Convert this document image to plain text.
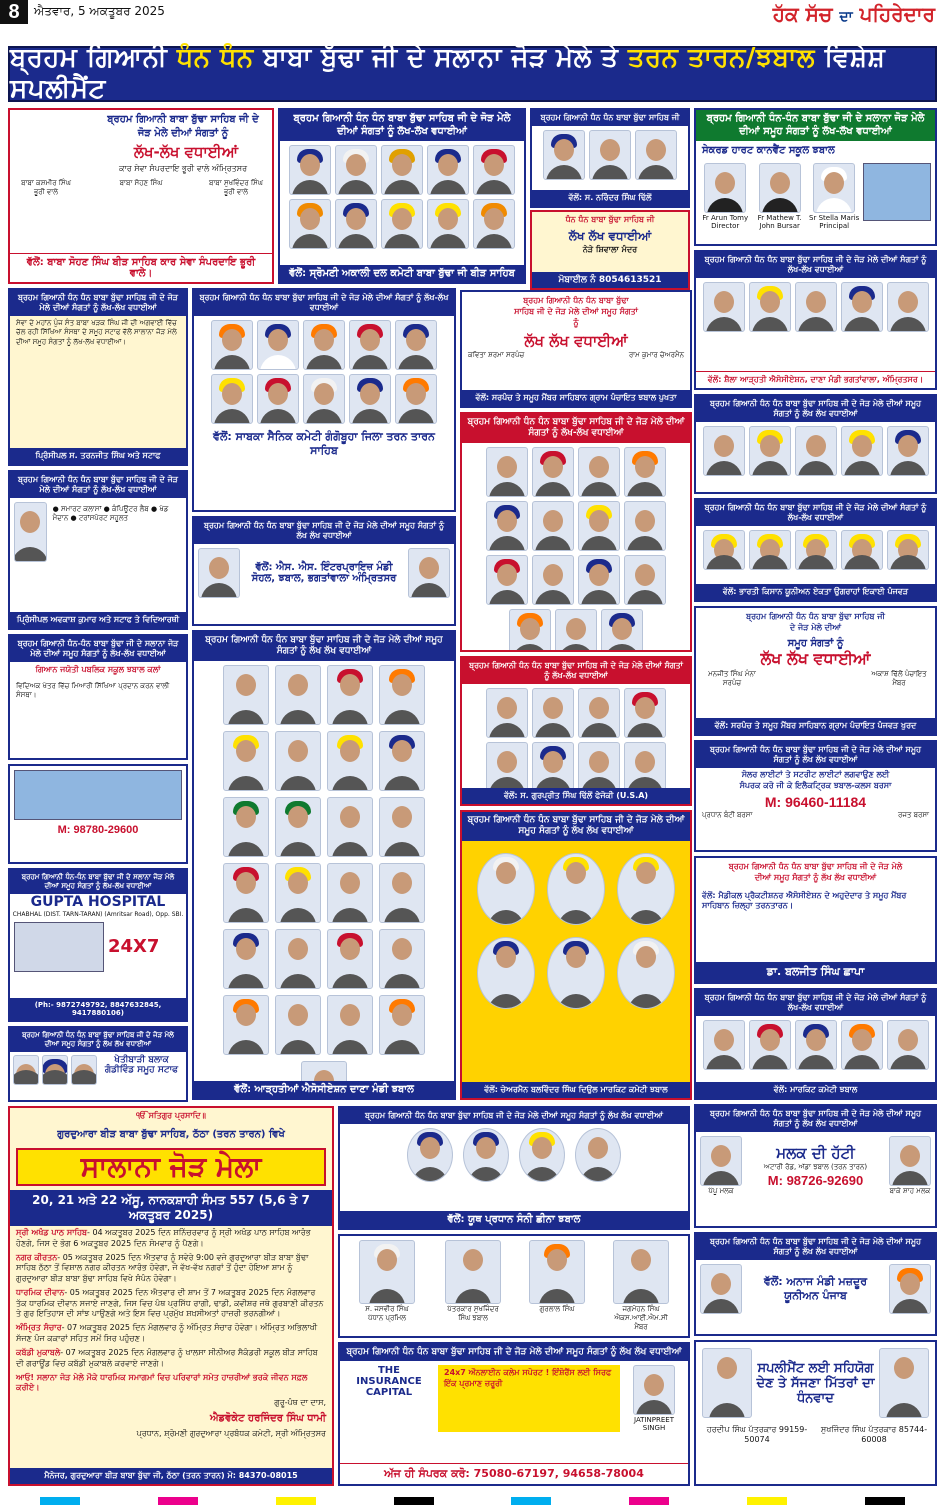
8	ਐਤਵਾਰ, 5 ਅਕਤੂਬਰ 2025	ਹੱਕ ਸੱਚ ਦਾ ਪਹਿਰੇਦਾਰ
ਬ੍ਰਹਮ ਗਿਆਨੀ ਧੰਨ ਧੰਨ ਬਾਬਾ ਬੁੱਢਾ ਜੀ ਦੇ ਸਲਾਨਾ ਜੋੜ ਮੇਲੇ ਤੇ ਤਰਨ ਤਾਰਨ/ਝਬਾਲ ਵਿਸ਼ੇਸ਼ ਸਪਲੀਮੈਂਟ
ਬ੍ਰਹਮ ਗਿਆਨੀ ਬਾਬਾ ਬੁੱਢਾ ਸਾਹਿਬ ਜੀ ਦੇ ਜੋੜ ਮੇਲੇ ਦੀਆਂ ਸੰਗਤਾਂ ਨੂੰ
ਲੱਖ-ਲੱਖ ਵਧਾਈਆਂ
ਕਾਰ ਸੇਵਾ ਸੰਪਰਦਾਇ ਭੂਰੀ ਵਾਲੇ ਅੰਮ੍ਰਿਤਸਰ
ਬਾਬਾ ਕਸ਼ਮੀਰ ਸਿੰਘ ਭੂਰੀ ਵਾਲੇ
ਬਾਬਾ ਸੋਹਣ ਸਿੰਘ	ਬਾਬਾ ਸੁਖਵਿੰਦਰ ਸਿੰਘ ਭੂਰੀ ਵਾਲੇ
ਵੱਲੋਂ: ਬਾਬਾ ਸੋਹਣ ਸਿੰਘ ਬੀੜ ਸਾਹਿਬ ਕਾਰ ਸੇਵਾ ਸੰਪਰਦਾਇ ਭੂਰੀ ਵਾਲੇ।
ਬ੍ਰਹਮ ਗਿਆਨੀ ਧੰਨ ਧੰਨ ਬਾਬਾ ਬੁੱਢਾ ਸਾਹਿਬ ਜੀ ਦੇ ਜੋੜ ਮੇਲੇ ਦੀਆਂ ਸੰਗਤਾਂ ਨੂੰ ਲੱਖ-ਲੱਖ ਵਧਾਈਆਂ
ਵੱਲੋਂ: ਸ੍ਰੋਮਣੀ ਅਕਾਲੀ ਦਲ ਕਮੇਟੀ ਬਾਬਾ ਬੁੱਢਾ ਜੀ ਬੀੜ ਸਾਹਿਬ
ਬ੍ਰਹਮ ਗਿਆਨੀ ਧੰਨ ਧੰਨ ਬਾਬਾ ਬੁੱਢਾ ਸਾਹਿਬ ਜੀ
ਵੱਲੋਂ: ਸ. ਨਰਿੰਦਰ ਸਿੰਘ ਢਿੱਲੋਂ
ਧੰਨ ਧੰਨ ਬਾਬਾ ਬੁੱਢਾ ਸਾਹਿਬ ਜੀ
ਲੱਖ ਲੱਖ ਵਧਾਈਆਂ
ਨੇੜੇ ਸ਼ਿਵਾਲਾ ਮੰਦਰ
ਮੋਬਾਈਲ ਨੰ 8054613521
ਬ੍ਰਹਮ ਗਿਆਨੀ ਧੰਨ-ਧੰਨ ਬਾਬਾ ਬੁੱਢਾ ਜੀ ਦੇ ਸਲਾਨਾ ਜੋੜ ਮੇਲੇ ਦੀਆਂ ਸਮੂਹ ਸੰਗਤਾਂ ਨੂੰ ਲੱਖ-ਲੱਖ ਵਧਾਈਆਂ
ਸੇਕਰਡ ਹਾਰਟ ਕਾਨਵੈਂਟ ਸਕੂਲ ਝਬਾਲ
Fr Arun Tomy Director
Fr Mathew T. John Bursar
Sr Stella Maris Principal
ਬ੍ਰਹਮ ਗਿਆਨੀ ਧੰਨ ਧੰਨ ਬਾਬਾ ਬੁੱਢਾ ਸਾਹਿਬ ਜੀ ਦੇ ਜੋੜ ਮੇਲੇ ਦੀਆਂ ਸੰਗਤਾਂ ਨੂੰ ਲੱਖ-ਲੱਖ ਵਧਾਈਆਂ
ਸੇਵਾ ਦੇ ਮਹਾਂਨ ਪੁੰਜ ਸੰਤ ਬਾਬਾ ਖੜਕ ਸਿੰਘ ਜੀ ਦੀ ਅਗਵਾਈ ਵਿੱਚ ਚੱਲ ਰਹੀ ਸਿੱਖਿਆ ਸੰਸਥਾ ਦੇ ਸਮੂਹ ਸਟਾਫ ਵੱਲੋਂ ਸਾਲਾਨਾ ਜੋੜ ਮੇਲੇ ਦੀਆਂ ਸਮੂਹ ਸੰਗਤਾਂ ਨੂੰ ਲੱਖ-ਲੱਖ ਵਧਾਈਆਂ।
ਪ੍ਰਿੰਸੀਪਲ ਸ. ਤਰਨਜੀਤ ਸਿੰਘ ਅਤੇ ਸਟਾਫ
ਬ੍ਰਹਮ ਗਿਆਨੀ ਧੰਨ ਧੰਨ ਬਾਬਾ ਬੁੱਢਾ ਸਾਹਿਬ ਜੀ ਦੇ ਜੋੜ ਮੇਲੇ ਦੀਆਂ ਸੰਗਤਾਂ ਨੂੰ ਲੱਖ-ਲੱਖ ਵਧਾਈਆਂ
ਵੱਲੋਂ: ਸਾਬਕਾ ਸੈਨਿਕ ਕਮੇਟੀ ਗੰਗੋਬੂਹਾ ਜਿਲਾ ਤਰਨ ਤਾਰਨ ਸਾਹਿਬ
ਬ੍ਰਹਮ ਗਿਆਨੀ ਧੰਨ ਧੰਨ ਬਾਬਾ ਬੁੱਢਾ ਸਾਹਿਬ ਜੀ ਦੇ ਜੋੜ ਮੇਲੇ ਦੀਆਂ ਸਮੂਹ ਸੰਗਤਾਂ ਨੂੰ
ਲੱਖ ਲੱਖ ਵਧਾਈਆਂ
ਕਵਿਤਾ ਸ਼ਰਮਾ ਸਰਪੰਚ	ਰਾਮ ਕੁਮਾਰ ਚੇਅਰਮੈਨ
ਵੱਲੋਂ: ਸਰਪੰਚ ਤੇ ਸਮੂਹ ਮੈਂਬਰ ਸਾਹਿਬਾਨ ਗ੍ਰਾਮ ਪੰਚਾਇਤ ਝਬਾਲ ਪੁਖਤਾ
ਬ੍ਰਹਮ ਗਿਆਨੀ ਧੰਨ ਧੰਨ ਬਾਬਾ ਬੁੱਢਾ ਸਾਹਿਬ ਜੀ ਦੇ ਜੋੜ ਮੇਲੇ ਦੀਆਂ ਸੰਗਤਾਂ ਨੂੰ ਲੱਖ-ਲੱਖ ਵਧਾਈਆਂ
ਵੱਲੋਂ: ਸ਼ੈਲਾ ਆੜ੍ਹਤੀ ਐਸੋਸੀਏਸ਼ਨ, ਦਾਣਾ ਮੰਡੀ ਭਗਤਾਂਵਾਲਾ, ਅੰਮ੍ਰਿਤਸਰ।
ਬ੍ਰਹਮ ਗਿਆਨੀ ਧੰਨ ਧੰਨ ਬਾਬਾ ਬੁੱਢਾ ਸਾਹਿਬ ਜੀ ਦੇ ਜੋੜ ਮੇਲੇ ਦੀਆਂ ਸਮੂਹ ਸੰਗਤਾਂ ਨੂੰ ਲੱਖ ਲੱਖ ਵਧਾਈਆਂ
ਬ੍ਰਹਮ ਗਿਆਨੀ ਧੰਨ ਧੰਨ ਬਾਬਾ ਬੁੱਢਾ ਸਾਹਿਬ ਜੀ ਦੇ ਜੋੜ ਮੇਲੇ ਦੀਆਂ ਸੰਗਤਾਂ ਨੂੰ ਲੱਖ-ਲੱਖ ਵਧਾਈਆਂ
● ਸਮਾਰਟ ਕਲਾਸਾਂ ● ਕੰਪਿਊਟਰ ਲੈਬ ● ਖੇਡ ਮੈਦਾਨ ● ਟਰਾਂਸਪੋਰਟ ਸਹੂਲਤ
ਪ੍ਰਿੰਸੀਪਲ ਅਵਕਾਸ਼ ਕੁਮਾਰ ਅਤੇ ਸਟਾਫ ਤੇ ਵਿਦਿਆਰਥੀ
ਬ੍ਰਹਮ ਗਿਆਨੀ ਧੰਨ ਧੰਨ ਬਾਬਾ ਬੁੱਢਾ ਸਾਹਿਬ ਜੀ ਦੇ ਜੋੜ ਮੇਲੇ ਦੀਆਂ ਸਮੂਹ ਸੰਗਤਾਂ ਨੂੰ ਲੱਖ ਲੱਖ ਵਧਾਈਆਂ
ਵੱਲੋਂ: ਐਸ. ਐਸ. ਇੰਟਰਪ੍ਰਾਇਜ਼ ਮੰਡੀ ਸੋਹਲ, ਝਬਾਲ, ਭਗਤਾਂਵਾਲਾ ਅੰਮ੍ਰਿਤਸਰ
ਬ੍ਰਹਮ ਗਿਆਨੀ ਧੰਨ ਧੰਨ ਬਾਬਾ ਬੁੱਢਾ ਸਾਹਿਬ ਜੀ ਦੇ ਜੋੜ ਮੇਲੇ ਦੀਆਂ ਸੰਗਤਾਂ ਨੂੰ ਲੱਖ-ਲੱਖ ਵਧਾਈਆਂ
ਬ੍ਰਹਮ ਗਿਆਨੀ ਧੰਨ ਧੰਨ ਬਾਬਾ ਬੁੱਢਾ ਸਾਹਿਬ ਜੀ ਦੇ ਜੋੜ ਮੇਲੇ ਦੀਆਂ ਸੰਗਤਾਂ ਨੂੰ ਲੱਖ-ਲੱਖ ਵਧਾਈਆਂ
ਵੱਲੋਂ: ਭਾਰਤੀ ਕਿਸਾਨ ਯੂਨੀਅਨ ਏਕਤਾ ਉਗਰਾਹਾਂ ਇਕਾਈ ਪੰਜਵੜ
ਬ੍ਰਹਮ ਗਿਆਨੀ ਧੰਨ ਧੰਨ ਬਾਬਾ ਬੁੱਢਾ ਸਾਹਿਬ ਜੀ ਦੇ ਜੋੜ ਮੇਲੇ ਦੀਆਂ
ਸਮੂਹ ਸੰਗਤਾਂ ਨੂੰ
ਲੱਖ ਲੱਖ ਵਧਾਈਆਂ
ਮਨਜੀਤ ਸਿੰਘ ਮੰਨਾ ਸਰਪੰਚ
ਅਕਾਸ਼ ਢਿੱਲੋਂ ਪੰਚਾਇਤ ਮੈਂਬਰ
ਵੱਲੋਂ: ਸਰਪੰਚ ਤੇ ਸਮੂਹ ਮੈਂਬਰ ਸਾਹਿਬਾਨ ਗ੍ਰਾਮ ਪੰਚਾਇਤ ਪੰਜਵੜ ਖੁਰਦ
ਬ੍ਰਹਮ ਗਿਆਨੀ ਧੰਨ-ਧੰਨ ਬਾਬਾ ਬੁੱਢਾ ਜੀ ਦੇ ਸਲਾਨਾ ਜੋੜ ਮੇਲੇ ਦੀਆਂ ਸਮੂਹ ਸੰਗਤਾਂ ਨੂੰ ਲੱਖ-ਲੱਖ ਵਧਾਈਆਂ
ਗਿਆਨ ਜਯੋਤੀ ਪਬਲਿਕ ਸਕੂਲ ਝਬਾਲ ਕਲਾਂ
ਵਿਦਿਅਕ ਖੇਤਰ ਵਿੱਚ ਮਿਆਰੀ ਸਿੱਖਿਆ ਪ੍ਰਦਾਨ ਕਰਨ ਵਾਲੀ ਸੰਸਥਾ।
M: 98780-29600
ਬ੍ਰਹਮ ਗਿਆਨੀ ਧੰਨ ਧੰਨ ਬਾਬਾ ਬੁੱਢਾ ਸਾਹਿਬ ਜੀ ਦੇ ਜੋੜ ਮੇਲੇ ਦੀਆਂ ਸਮੂਹ ਸੰਗਤਾਂ ਨੂੰ ਲੱਖ ਲੱਖ ਵਧਾਈਆਂ
ਵੱਲੋਂ: ਆੜ੍ਹਤੀਆਂ ਐਸੋਸੀਏਸ਼ਨ ਦਾਣਾ ਮੰਡੀ ਝਬਾਲ
ਬ੍ਰਹਮ ਗਿਆਨੀ ਧੰਨ ਧੰਨ ਬਾਬਾ ਬੁੱਢਾ ਸਾਹਿਬ ਜੀ ਦੇ ਜੋੜ ਮੇਲੇ ਦੀਆਂ ਸੰਗਤਾਂ ਨੂੰ ਲੱਖ-ਲੱਖ ਵਧਾਈਆਂ
ਵੱਲੋਂ: ਸ. ਗੁਰਪ੍ਰੀਤ ਸਿੰਘ ਢਿੱਲੋਂ ਫੇਜੋਕੀ (U.S.A)
ਬ੍ਰਹਮ ਗਿਆਨੀ ਧੰਨ ਧੰਨ ਬਾਬਾ ਬੁੱਢਾ ਸਾਹਿਬ ਜੀ ਦੇ ਜੋੜ ਮੇਲੇ ਦੀਆਂ ਸਮੂਹ ਸੰਗਤਾਂ ਨੂੰ ਲੱਖ ਲੱਖ ਵਧਾਈਆਂ
ਵੱਲੋਂ: ਚੇਅਰਮੈਨ ਬਲਵਿੰਦਰ ਸਿੰਘ ਦਿਉਲ ਮਾਰਕਿਟ ਕਮੇਟੀ ਝਬਾਲ
ਬ੍ਰਹਮ ਗਿਆਨੀ ਧੰਨ ਧੰਨ ਬਾਬਾ ਬੁੱਢਾ ਸਾਹਿਬ ਜੀ ਦੇ ਜੋੜ ਮੇਲੇ ਦੀਆਂ ਸਮੂਹ ਸੰਗਤਾਂ ਨੂੰ ਲੱਖ ਲੱਖ ਵਧਾਈਆਂ
ਸੋਲਰ ਲਾਈਟਾਂ ਤੇ ਸਟਰੀਟ ਲਾਈਟਾਂ ਲਗਵਾਉਣ ਲਈ ਸੰਪਰਕ ਕਰੋ ਜੀ ਕੇ ਇਲੈਕਟ੍ਰਿਕ ਝਬਾਲ-ਕਲਸ ਬਰਸਾ
M: 96460-11184
ਪ੍ਰਧਾਨ ਬੰਟੀ ਬਰਸਾ	ਰਜਤ ਬਰਸਾ
ਬ੍ਰਹਮ ਗਿਆਨੀ ਧੰਨ ਧੰਨ ਬਾਬਾ ਬੁੱਢਾ ਸਾਹਿਬ ਜੀ ਦੇ ਜੋੜ ਮੇਲੇ ਦੀਆਂ ਸਮੂਹ ਸੰਗਤਾਂ ਨੂੰ ਲੱਖ ਲੱਖ ਵਧਾਈਆਂ
ਵੱਲੋਂ: ਮੈਡੀਕਲ ਪ੍ਰੈਕਟੀਸ਼ਨਰ ਐਸੋਸੀਏਸ਼ਨ ਦੇ ਅਹੁਦੇਦਾਰ ਤੇ ਸਮੂਹ ਮੈਂਬਰ ਸਾਹਿਬਾਨ ਜ਼ਿਲ੍ਹਾ ਤਰਨਤਾਰਨ।
ਡਾ. ਬਲਜੀਤ ਸਿੰਘ ਛਾਪਾ
ਬ੍ਰਹਮ ਗਿਆਨੀ ਧੰਨ-ਧੰਨ ਬਾਬਾ ਬੁੱਢਾ ਜੀ ਦੇ ਸਲਾਨਾ ਜੋੜ ਮੇਲੇ ਦੀਆਂ ਸਮੂਹ ਸੰਗਤਾਂ ਨੂੰ ਲੱਖ-ਲੱਖ ਵਧਾਈਆਂ
GUPTA HOSPITAL
CHABHAL (DIST. TARN-TARAN) (Amritsar Road), Opp. SBI.
24X7
(Ph:- 9872749792, 8847632845, 9417880106)
ਬ੍ਰਹਮ ਗਿਆਨੀ ਧੰਨ ਧੰਨ ਬਾਬਾ ਬੁੱਢਾ ਸਾਹਿਬ ਜੀ ਦੇ ਜੋੜ ਮੇਲੇ ਦੀਆਂ ਸਮੂਹ ਸੰਗਤਾਂ ਨੂੰ ਲੱਖ ਲੱਖ ਵਧਾਈਆਂ
ਖੇਤੀਬਾੜੀ ਬਲਾਕ ਗੰਡੀਵਿੰਡ ਸਮੂਹ ਸਟਾਫ
ਬ੍ਰਹਮ ਗਿਆਨੀ ਧੰਨ ਧੰਨ ਬਾਬਾ ਬੁੱਢਾ ਸਾਹਿਬ ਜੀ ਦੇ ਜੋੜ ਮੇਲੇ ਦੀਆਂ ਸੰਗਤਾਂ ਨੂੰ ਲੱਖ-ਲੱਖ ਵਧਾਈਆਂ
ਵੱਲੋਂ: ਮਾਰਕਿਟ ਕਮੇਟੀ ਝਬਾਲ
ੴ ਸਤਿਗੁਰ ਪ੍ਰਸਾਦਿ॥
ਗੁਰਦੁਆਰਾ ਬੀੜ ਬਾਬਾ ਬੁੱਢਾ ਸਾਹਿਬ, ਠੱਠਾ (ਤਰਨ ਤਾਰਨ) ਵਿਖੇ
ਸਾਲਾਨਾ ਜੋੜ ਮੇਲਾ
20, 21 ਅਤੇ 22 ਅੱਸੂ, ਨਾਨਕਸ਼ਾਹੀ ਸੰਮਤ 557 (5,6 ਤੇ 7 ਅਕਤੂਬਰ 2025)
ਸ੍ਰੀ ਅਖੰਡ ਪਾਠ ਸਾਹਿਬ- 04 ਅਕਤੂਬਰ 2025 ਦਿਨ ਸ਼ਨਿੱਚਰਵਾਰ ਨੂੰ ਸ੍ਰੀ ਅਖੰਡ ਪਾਠ ਸਾਹਿਬ ਆਰੰਭ ਹੋਣਗੇ, ਜਿਸ ਦੇ ਭੋਗ 6 ਅਕਤੂਬਰ 2025 ਦਿਨ ਸੋਮਵਾਰ ਨੂੰ ਪੈਣਗੇ।
ਨਗਰ ਕੀਰਤਨ- 05 ਅਕਤੂਬਰ 2025 ਦਿਨ ਐਤਵਾਰ ਨੂੰ ਸਵੇਰੇ 9:00 ਵਜੇ ਗੁਰਦੁਆਰਾ ਬੀੜ ਬਾਬਾ ਬੁੱਢਾ ਸਾਹਿਬ ਠੱਠਾ ਤੋਂ ਵਿਸ਼ਾਲ ਨਗਰ ਕੀਰਤਨ ਆਰੰਭ ਹੋਵੇਗਾ, ਜੋ ਵੱਖ-ਵੱਖ ਨਗਰਾਂ ਤੋਂ ਹੁੰਦਾ ਹੋਇਆ ਸ਼ਾਮ ਨੂੰ ਗੁਰਦੁਆਰਾ ਬੀੜ ਬਾਬਾ ਬੁੱਢਾ ਸਾਹਿਬ ਵਿਖੇ ਸੰਪੰਨ ਹੋਵੇਗਾ।
ਧਾਰਮਿਕ ਦੀਵਾਨ- 05 ਅਕਤੂਬਰ 2025 ਦਿਨ ਐਤਵਾਰ ਦੀ ਸ਼ਾਮ ਤੋਂ 7 ਅਕਤੂਬਰ 2025 ਦਿਨ ਮੰਗਲਵਾਰ ਤੱਕ ਧਾਰਮਿਕ ਦੀਵਾਨ ਸਜਾਏ ਜਾਣਗੇ, ਜਿਸ ਵਿਚ ਪੰਥ ਪ੍ਰਸਿੱਧ ਰਾਗੀ, ਢਾਡੀ, ਕਵੀਸ਼ਰ ਜਥੇ ਗੁਰਬਾਣੀ ਕੀਰਤਨ ਤੇ ਗੁਰ ਇਤਿਹਾਸ ਦੀ ਸਾਂਝ ਪਾਉਣਗੇ ਅਤੇ ਇਸ ਵਿਚ ਪ੍ਰਮੁੱਖ ਸ਼ਖ਼ਸੀਅਤਾਂ ਹਾਜ਼ਰੀ ਭਰਨਗੀਆਂ।
ਅੰਮ੍ਰਿਤ ਸੰਚਾਰ- 07 ਅਕਤੂਬਰ 2025 ਦਿਨ ਮੰਗਲਵਾਰ ਨੂੰ ਅੰਮ੍ਰਿਤ ਸੰਚਾਰ ਹੋਵੇਗਾ। ਅੰਮ੍ਰਿਤ ਅਭਿਲਾਖੀ ਸੱਜਣ ਪੰਜ ਕਕਾਰਾਂ ਸਹਿਤ ਸਮੇਂ ਸਿਰ ਪਹੁੰਚਣ।
ਕਬੱਡੀ ਮੁਕਾਬਲੇ- 07 ਅਕਤੂਬਰ 2025 ਦਿਨ ਮੰਗਲਵਾਰ ਨੂੰ ਖਾਲਸਾ ਸੀਨੀਅਰ ਸੈਕੰਡਰੀ ਸਕੂਲ ਬੀੜ ਸਾਹਿਬ ਦੀ ਗਰਾਊਂਡ ਵਿਚ ਕਬੱਡੀ ਮੁਕਾਬਲੇ ਕਰਵਾਏ ਜਾਣਗੇ।
ਆਓ! ਸਲਾਨਾ ਜੋੜ ਮੇਲੇ ਮੌਕੇ ਧਾਰਮਿਕ ਸਮਾਗਮਾਂ ਵਿਚ ਪਰਿਵਾਰਾਂ ਸਮੇਤ ਹਾਜ਼ਰੀਆਂ ਭਰਕੇ ਜੀਵਨ ਸਫ਼ਲ ਕਰੀਏ।
ਗੁਰੂ-ਪੰਥ ਦਾ ਦਾਸ,
ਐਡਵੋਕੇਟ ਹਰਜਿੰਦਰ ਸਿੰਘ ਧਾਮੀ
ਪ੍ਰਧਾਨ, ਸ਼੍ਰੋਮਣੀ ਗੁਰਦੁਆਰਾ ਪ੍ਰਬੰਧਕ ਕਮੇਟੀ, ਸ੍ਰੀ ਅੰਮ੍ਰਿਤਸਰ
ਮੈਨੇਜਰ, ਗੁਰਦੁਆਰਾ ਬੀੜ ਬਾਬਾ ਬੁੱਢਾ ਜੀ, ਠੱਠਾ (ਤਰਨ ਤਾਰਨ) ਮੋ: 84370-08015
ਬ੍ਰਹਮ ਗਿਆਨੀ ਧੰਨ ਧੰਨ ਬਾਬਾ ਬੁੱਢਾ ਸਾਹਿਬ ਜੀ ਦੇ ਜੋੜ ਮੇਲੇ ਦੀਆਂ ਸਮੂਹ ਸੰਗਤਾਂ ਨੂੰ ਲੱਖ ਲੱਖ ਵਧਾਈਆਂ
ਵੱਲੋਂ: ਯੂਥ ਪ੍ਰਧਾਨ ਸੰਨੀ ਛੀਨਾ ਝਬਾਲ
ਸ. ਜਸਵੀਰ ਸਿੰਘ ਪੱਧਾਨ ਪ੍ਰਮਿਲ
ਪੱਤਰਕਾਰ ਸੁਖਜਿੰਦਰ ਸਿੰਘ ਝਬਾਲ
ਗੁਰਲਾਲ ਸਿੰਘ	ਜਗਮੋਹਨ ਸਿੰਘ ਐਕਸ.ਆਈ.ਐਮ.ਸੀ ਮੈਂਬਰ
ਬ੍ਰਹਮ ਗਿਆਨੀ ਧੰਨ ਧੰਨ ਬਾਬਾ ਬੁੱਢਾ ਸਾਹਿਬ ਜੀ ਦੇ ਜੋੜ ਮੇਲੇ ਦੀਆਂ ਸਮੂਹ ਸੰਗਤਾਂ ਨੂੰ ਲੱਖ ਲੱਖ ਵਧਾਈਆਂ
THE INSURANCE CAPITAL
24x7 ਔਨਲਾਈਨ ਕਲੇਮ ਸਪੋਰਟ ! ਇੰਸ਼ੋਰੈਂਸ ਲਈ ਸਿਰਫ ਇੱਕ ਪ੍ਰਮਾਣ ਜ਼ਰੂਰੀ
JATINPREET SINGH
ਅੱਜ ਹੀ ਸੰਪਰਕ ਕਰੋ: 75080-67197, 94658-78004
ਬ੍ਰਹਮ ਗਿਆਨੀ ਧੰਨ ਧੰਨ ਬਾਬਾ ਬੁੱਢਾ ਸਾਹਿਬ ਜੀ ਦੇ ਜੋੜ ਮੇਲੇ ਦੀਆਂ ਸਮੂਹ ਸੰਗਤਾਂ ਨੂੰ ਲੱਖ ਲੱਖ ਵਧਾਈਆਂ
ਪੱਪੂ ਮਲਕ
ਮਲਕ ਦੀ ਹੱਟੀ
ਅਟਾਰੀ ਰੋਡ, ਅੱਡਾ ਝਬਾਲ (ਤਰਨ ਤਾਰਨ)
M: 98726-92690
ਬਾਕੇ ਸ਼ਾਹ ਮਲਕ
ਬ੍ਰਹਮ ਗਿਆਨੀ ਧੰਨ ਧੰਨ ਬਾਬਾ ਬੁੱਢਾ ਸਾਹਿਬ ਜੀ ਦੇ ਜੋੜ ਮੇਲੇ ਦੀਆਂ ਸਮੂਹ ਸੰਗਤਾਂ ਨੂੰ ਲੱਖ ਲੱਖ ਵਧਾਈਆਂ
ਵੱਲੋਂ: ਅਨਾਜ ਮੰਡੀ ਮਜ਼ਦੂਰ ਯੂਨੀਅਨ ਪੰਜਾਬ
ਸਪਲੀਮੈਂਟ ਲਈ ਸਹਿਯੋਗ ਦੇਣ ਤੇ ਸੱਜਣਾ ਮਿੱਤਰਾਂ ਦਾ ਧੰਨਵਾਦ
ਹਰਦੀਪ ਸਿੰਘ ਪੱਤਰਕਾਰ 99159-50074
ਸੁਖਜਿੰਦਰ ਸਿੰਘ ਪੱਤਰਕਾਰ 85744-60008
